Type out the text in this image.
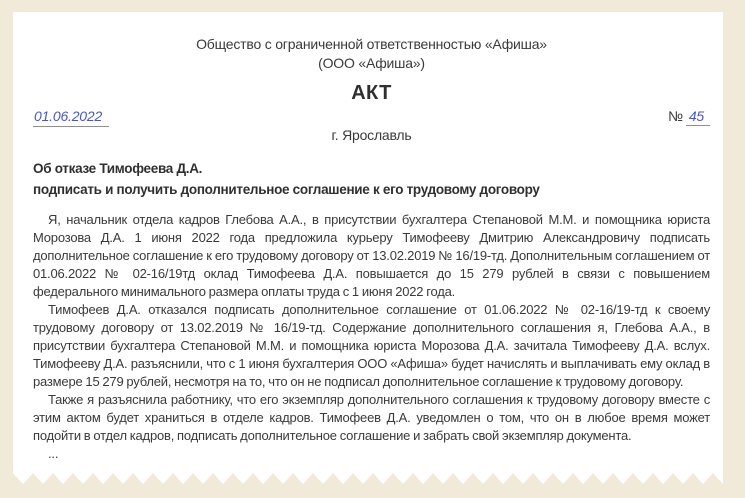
Общество с ограниченной ответственностью «Афиша»
(ООО «Афиша»)
АКТ
01.06.2022	№ 45
г. Ярославль
Об отказе Тимофеева Д.А.
подписать и получить дополнительное соглашение к его трудовому договору

Я, начальник отдела кадров Глебова А.А., в присутствии бухгалтера Степановой М.М. и помощника юриста Морозова Д.А. 1 июня 2022 года предложила курьеру Тимофееву Дмитрию Александровичу подписать дополнительное соглашение к его трудовому договору от 13.02.2019 № 16/19-тд. Дополнительным соглашением от 01.06.2022 № 02-16/19тд оклад Тимофеева Д.А. повышается до 15 279 рублей в связи с повышением федерального минимального размера оплаты труда с 1 июня 2022 года.

Тимофеев Д.А. отказался подписать дополнительное соглашение от 01.06.2022 № 02-16/19-тд к своему трудовому договору от 13.02.2019 № 16/19-тд. Содержание дополнительного соглашения я, Глебова А.А., в присутствии бухгалтера Степановой М.М. и помощника юриста Морозова Д.А. зачитала Тимофееву Д.А. вслух. Тимофееву Д.А. разъяснили, что с 1 июня бухгалтерия ООО «Афиша» будет начислять и выплачивать ему оклад в размере 15 279 рублей, несмотря на то, что он не подписал дополнительное соглашение к трудовому договору.

Также я разъяснила работнику, что его экземпляр дополнительного соглашения к трудовому договору вместе с этим актом будет храниться в отделе кадров. Тимофеев Д.А. уведомлен о том, что он в любое время может подойти в отдел кадров, подписать дополнительное соглашение и забрать свой экземпляр документа.

...
